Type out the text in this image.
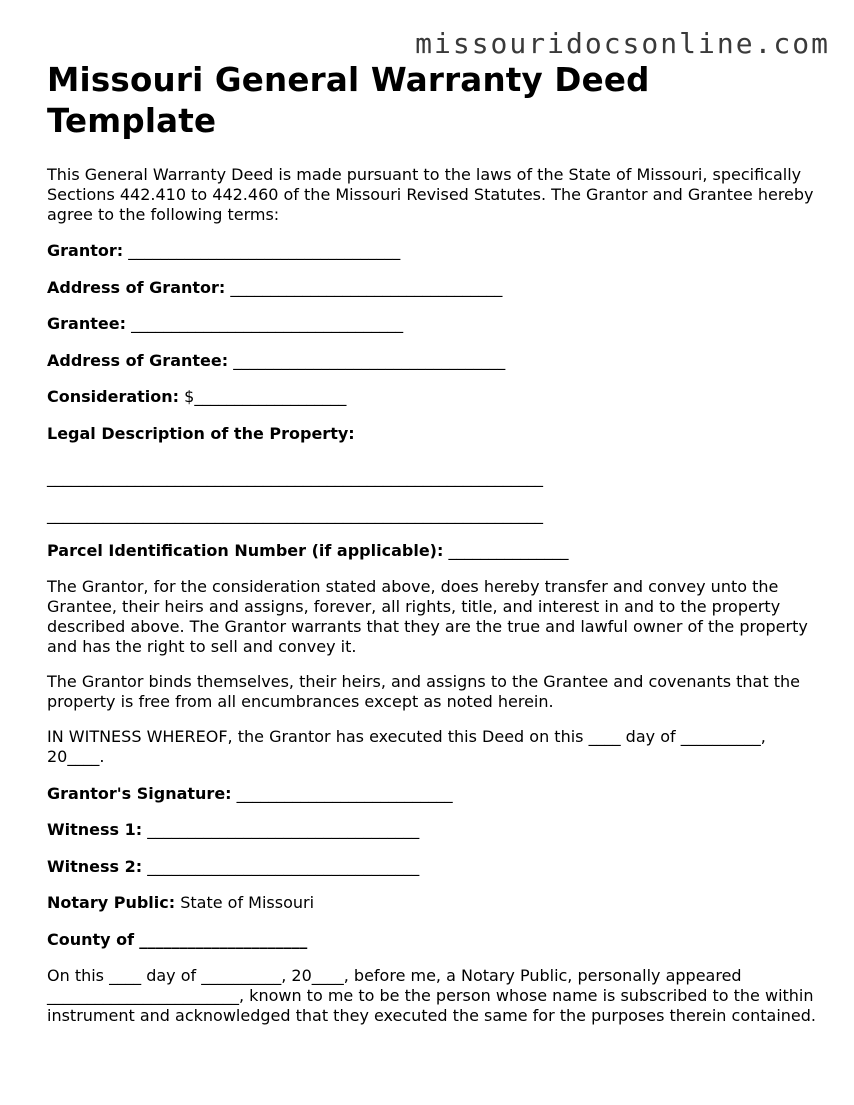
missouridocsonline.com
Missouri General Warranty Deed Template

This General Warranty Deed is made pursuant to the laws of the State of Missouri, specifically Sections 442.410 to 442.460 of the Missouri Revised Statutes. The Grantor and Grantee hereby agree to the following terms:

Grantor: __________________________________

Address of Grantor: __________________________________

Grantee: __________________________________

Address of Grantee: __________________________________

Consideration: $___________________

Legal Description of the Property:

______________________________________________________________

______________________________________________________________

Parcel Identification Number (if applicable): _______________

The Grantor, for the consideration stated above, does hereby transfer and convey unto the Grantee, their heirs and assigns, forever, all rights, title, and interest in and to the property described above. The Grantor warrants that they are the true and lawful owner of the property and has the right to sell and convey it.

The Grantor binds themselves, their heirs, and assigns to the Grantee and covenants that the property is free from all encumbrances except as noted herein.

IN WITNESS WHEREOF, the Grantor has executed this Deed on this ____ day of __________, 20____.

Grantor's Signature: ___________________________

Witness 1: __________________________________

Witness 2: __________________________________

Notary Public: State of Missouri

County of _____________________

On this ____ day of __________, 20____, before me, a Notary Public, personally appeared ________________________, known to me to be the person whose name is subscribed to the within instrument and acknowledged that they executed the same for the purposes therein contained.
